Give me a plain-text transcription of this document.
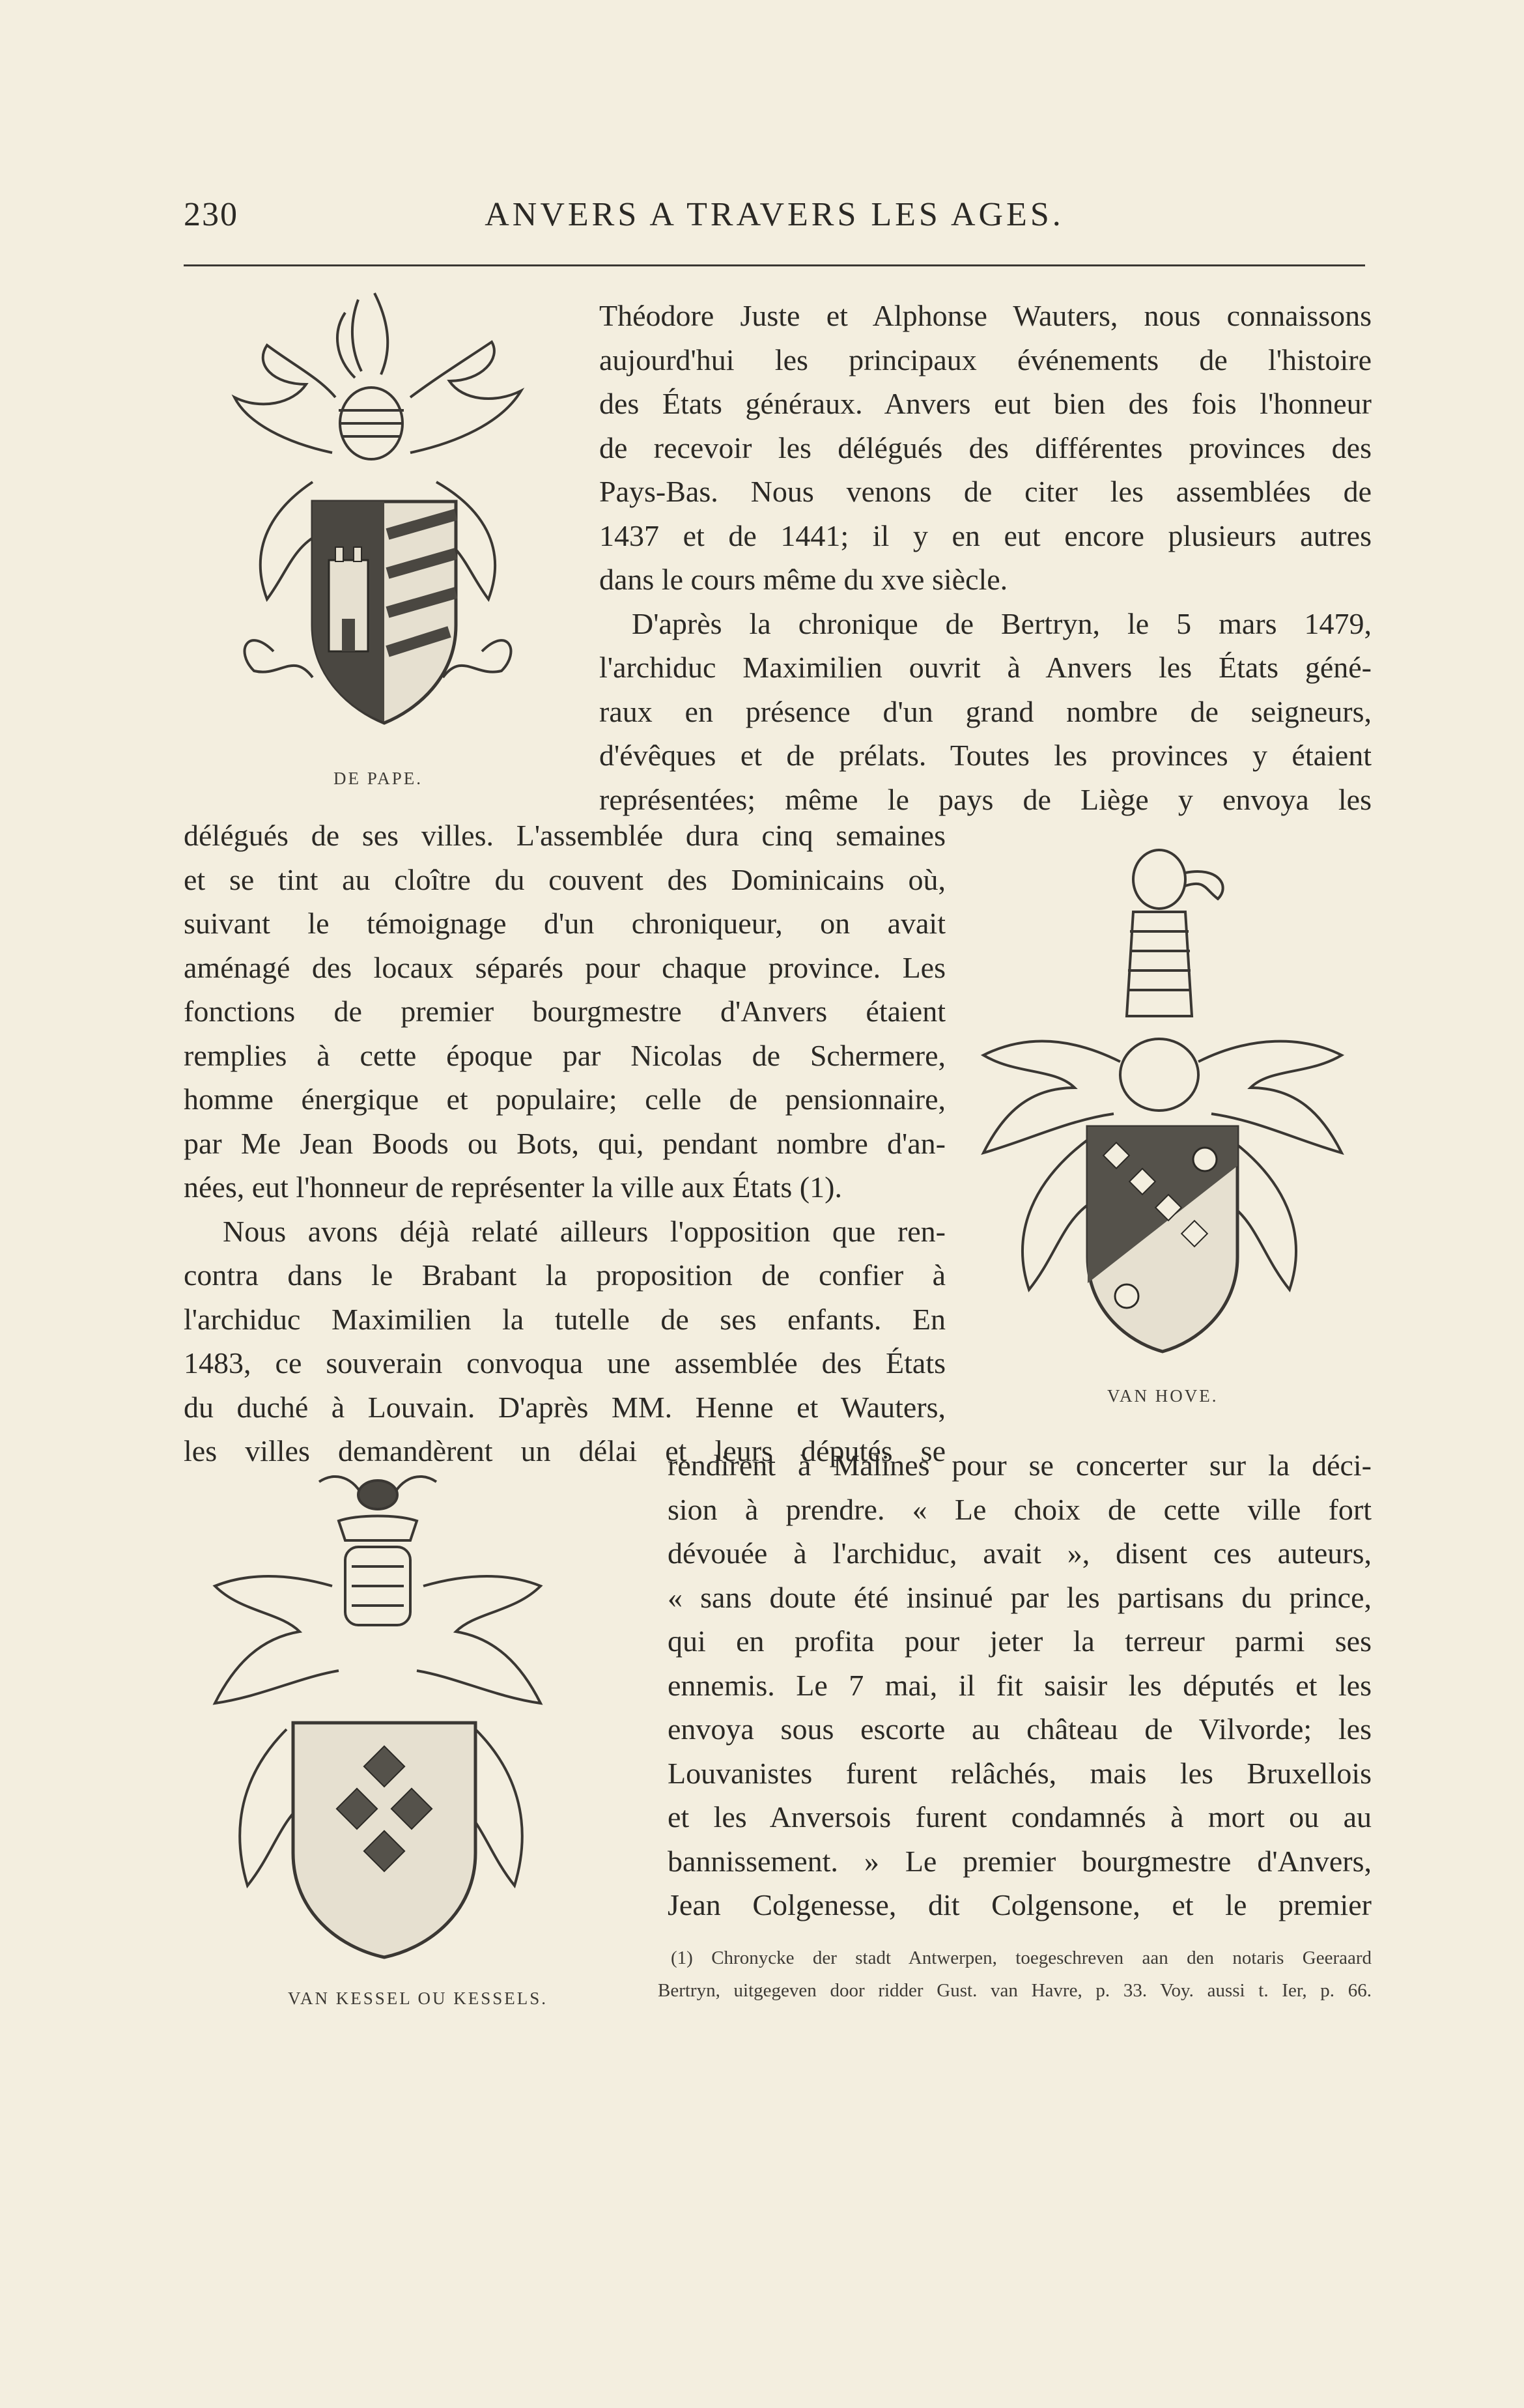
230	ANVERS A TRAVERS LES AGES.
DE PAPE.
VAN HOVE.
VAN KESSEL OU KESSELS.
Théodore Juste et Alphonse Wauters, nous connaissons
aujourd'hui les principaux événements de l'histoire
des États généraux. Anvers eut bien des fois l'honneur
de recevoir les délégués des différentes provinces des
Pays-Bas. Nous venons de citer les assemblées de
1437 et de 1441; il y en eut encore plusieurs autres
dans le cours même du xve siècle.
D'après la chronique de Bertryn, le 5 mars 1479,
l'archiduc Maximilien ouvrit à Anvers les États géné-
raux en présence d'un grand nombre de seigneurs,
d'évêques et de prélats. Toutes les provinces y étaient
représentées; même le pays de Liège y envoya les
délégués de ses villes. L'assemblée dura cinq semaines
et se tint au cloître du couvent des Dominicains où,
suivant le témoignage d'un chroniqueur, on avait
aménagé des locaux séparés pour chaque province. Les
fonctions de premier bourgmestre d'Anvers étaient
remplies à cette époque par Nicolas de Schermere,
homme énergique et populaire; celle de pensionnaire,
par Me Jean Boods ou Bots, qui, pendant nombre d'an-
nées, eut l'honneur de représenter la ville aux États (1).
Nous avons déjà relaté ailleurs l'opposition que ren-
contra dans le Brabant la proposition de confier à
l'archiduc Maximilien la tutelle de ses enfants. En
1483, ce souverain convoqua une assemblée des États
du duché à Louvain. D'après MM. Henne et Wauters,
les villes demandèrent un délai et leurs députés se
rendirent à Malines pour se concerter sur la déci-
sion à prendre. « Le choix de cette ville fort
dévouée à l'archiduc, avait », disent ces auteurs,
« sans doute été insinué par les partisans du prince,
qui en profita pour jeter la terreur parmi ses
ennemis. Le 7 mai, il fit saisir les députés et les
envoya sous escorte au château de Vilvorde; les
Louvanistes furent relâchés, mais les Bruxellois
et les Anversois furent condamnés à mort ou au
bannissement. » Le premier bourgmestre d'Anvers,
Jean Colgenesse, dit Colgensone, et le premier
(1) Chronycke der stadt Antwerpen, toegeschreven aan den notaris Geeraard
Bertryn, uitgegeven door ridder Gust. van Havre, p. 33. Voy. aussi t. Ier, p. 66.
